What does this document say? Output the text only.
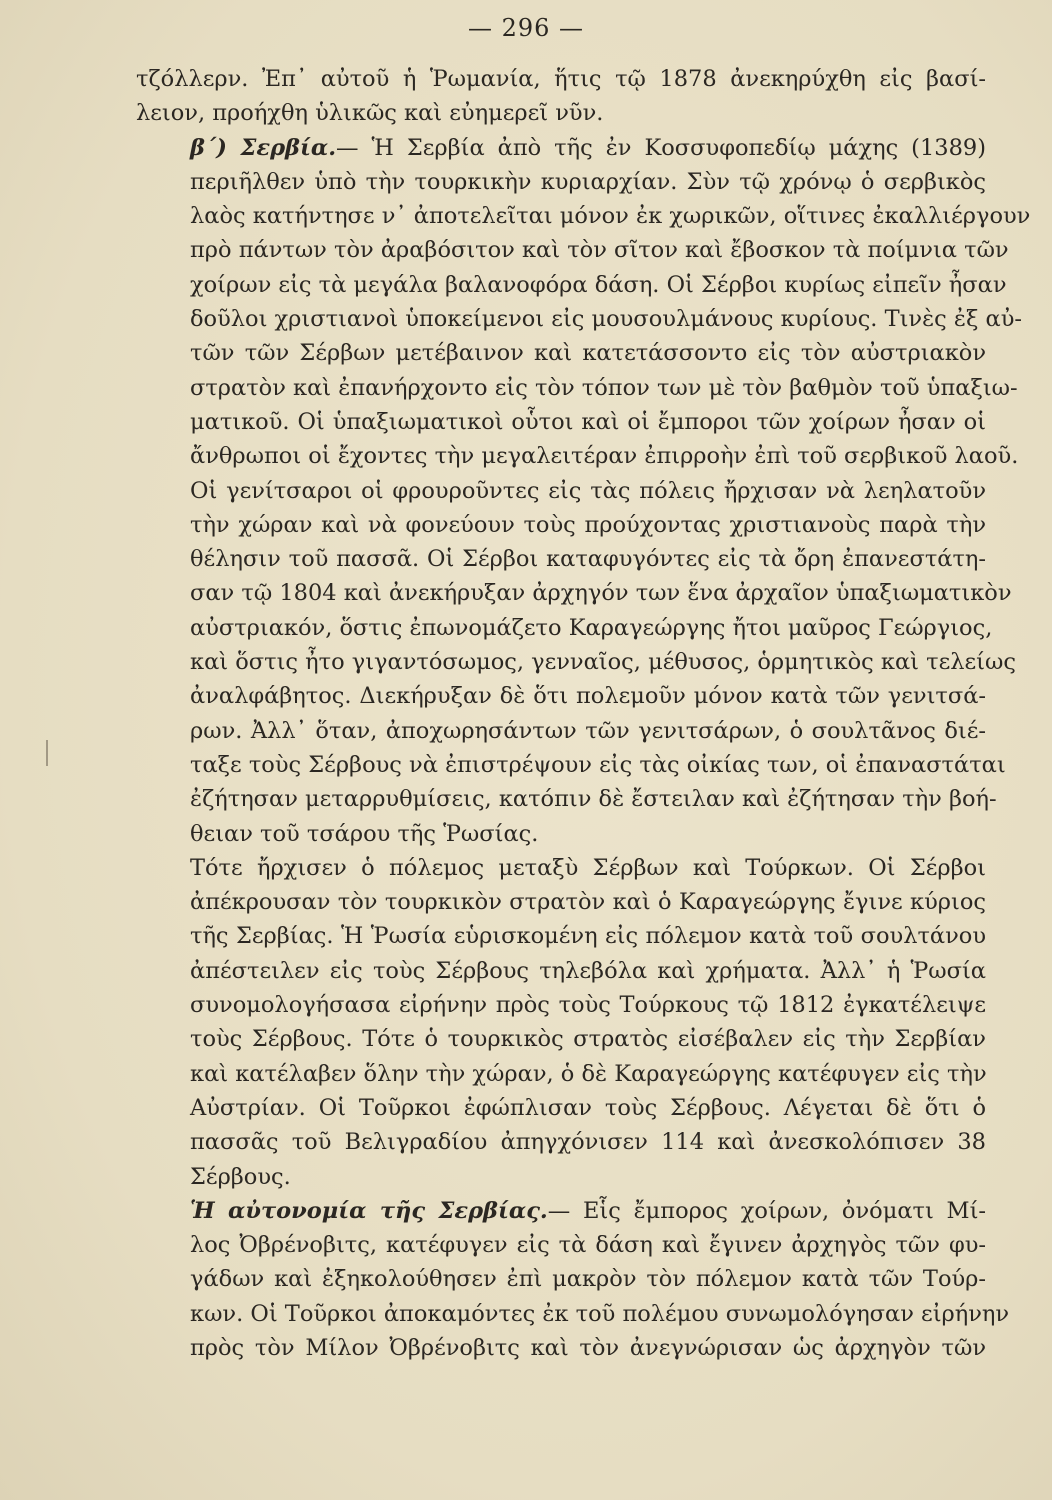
— 296 —

τζόλλερν. Ἐπ᾽ αὐτοῦ ἡ Ῥωμανία, ἥτις τῷ 1878 ἀνεκηρύχθη εἰς βασί-
λειον, προήχθη ὑλικῶς καὶ εὐημερεῖ νῦν.

β΄) Σερβία.— Ἡ Σερβία ἀπὸ τῆς ἐν Κοσσυφοπεδίῳ μάχης (1389)
περιῆλθεν ὑπὸ τὴν τουρκικὴν κυριαρχίαν. Σὺν τῷ χρόνῳ ὁ σερβικὸς
λαὸς κατήντησε ν᾽ ἀποτελεῖται μόνον ἐκ χωρικῶν, οἵτινες ἐκαλλιέργουν
πρὸ πάντων τὸν ἀραβόσιτον καὶ τὸν σῖτον καὶ ἔβοσκον τὰ ποίμνια τῶν
χοίρων εἰς τὰ μεγάλα βαλανοφόρα δάση. Οἱ Σέρβοι κυρίως εἰπεῖν ἦσαν
δοῦλοι χριστιανοὶ ὑποκείμενοι εἰς μουσουλμάνους κυρίους. Τινὲς ἐξ αὐ-
τῶν τῶν Σέρβων μετέβαινον καὶ κατετάσσοντο εἰς τὸν αὐστριακὸν
στρατὸν καὶ ἐπανήρχοντο εἰς τὸν τόπον των μὲ τὸν βαθμὸν τοῦ ὑπαξιω-
ματικοῦ. Οἱ ὑπαξιωματικοὶ οὗτοι καὶ οἱ ἔμποροι τῶν χοίρων ἦσαν οἱ
ἄνθρωποι οἱ ἔχοντες τὴν μεγαλειτέραν ἐπιρροὴν ἐπὶ τοῦ σερβικοῦ λαοῦ.

Οἱ γενίτσαροι οἱ φρουροῦντες εἰς τὰς πόλεις ἤρχισαν νὰ λεηλατοῦν
τὴν χώραν καὶ νὰ φονεύουν τοὺς προύχοντας χριστιανοὺς παρὰ τὴν
θέλησιν τοῦ πασσᾶ. Οἱ Σέρβοι καταφυγόντες εἰς τὰ ὄρη ἐπανεστάτη-
σαν τῷ 1804 καὶ ἀνεκήρυξαν ἀρχηγόν των ἕνα ἀρχαῖον ὑπαξιωματικὸν
αὐστριακόν, ὅστις ἐπωνομάζετο Καραγεώργης ἤτοι μαῦρος Γεώργιος,
καὶ ὅστις ἦτο γιγαντόσωμος, γενναῖος, μέθυσος, ὁρμητικὸς καὶ τελείως
ἀναλφάβητος. Διεκήρυξαν δὲ ὅτι πολεμοῦν μόνον κατὰ τῶν γενιτσά-
ρων. Ἀλλ᾽ ὅταν, ἀποχωρησάντων τῶν γενιτσάρων, ὁ σουλτᾶνος διέ-
ταξε τοὺς Σέρβους νὰ ἐπιστρέψουν εἰς τὰς οἰκίας των, οἱ ἐπαναστάται
ἐζήτησαν μεταρρυθμίσεις, κατόπιν δὲ ἔστειλαν καὶ ἐζήτησαν τὴν βοή-
θειαν τοῦ τσάρου τῆς Ῥωσίας.

Τότε ἤρχισεν ὁ πόλεμος μεταξὺ Σέρβων καὶ Τούρκων. Οἱ Σέρβοι
ἀπέκρουσαν τὸν τουρκικὸν στρατὸν καὶ ὁ Καραγεώργης ἔγινε κύριος
τῆς Σερβίας. Ἡ Ῥωσία εὑρισκομένη εἰς πόλεμον κατὰ τοῦ σουλτάνου
ἀπέστειλεν εἰς τοὺς Σέρβους τηλεβόλα καὶ χρήματα. Ἀλλ᾽ ἡ Ῥωσία
συνομολογήσασα εἰρήνην πρὸς τοὺς Τούρκους τῷ 1812 ἐγκατέλειψε
τοὺς Σέρβους. Τότε ὁ τουρκικὸς στρατὸς εἰσέβαλεν εἰς τὴν Σερβίαν
καὶ κατέλαβεν ὅλην τὴν χώραν, ὁ δὲ Καραγεώργης κατέφυγεν εἰς τὴν
Αὐστρίαν. Οἱ Τοῦρκοι ἐφώπλισαν τοὺς Σέρβους. Λέγεται δὲ ὅτι ὁ
πασσᾶς τοῦ Βελιγραδίου ἀπηγχόνισεν 114 καὶ ἀνεσκολόπισεν 38
Σέρβους.

Ἡ αὐτονομία τῆς Σερβίας.— Εἷς ἔμπορος χοίρων, ὀνόματι Μί-
λος Ὀβρένοβιτς, κατέφυγεν εἰς τὰ δάση καὶ ἔγινεν ἀρχηγὸς τῶν φυ-
γάδων καὶ ἐξηκολούθησεν ἐπὶ μακρὸν τὸν πόλεμον κατὰ τῶν Τούρ-
κων. Οἱ Τοῦρκοι ἀποκαμόντες ἐκ τοῦ πολέμου συνωμολόγησαν εἰρήνην
πρὸς τὸν Μίλον Ὀβρένοβιτς καὶ τὸν ἀνεγνώρισαν ὡς ἀρχηγὸν τῶν
